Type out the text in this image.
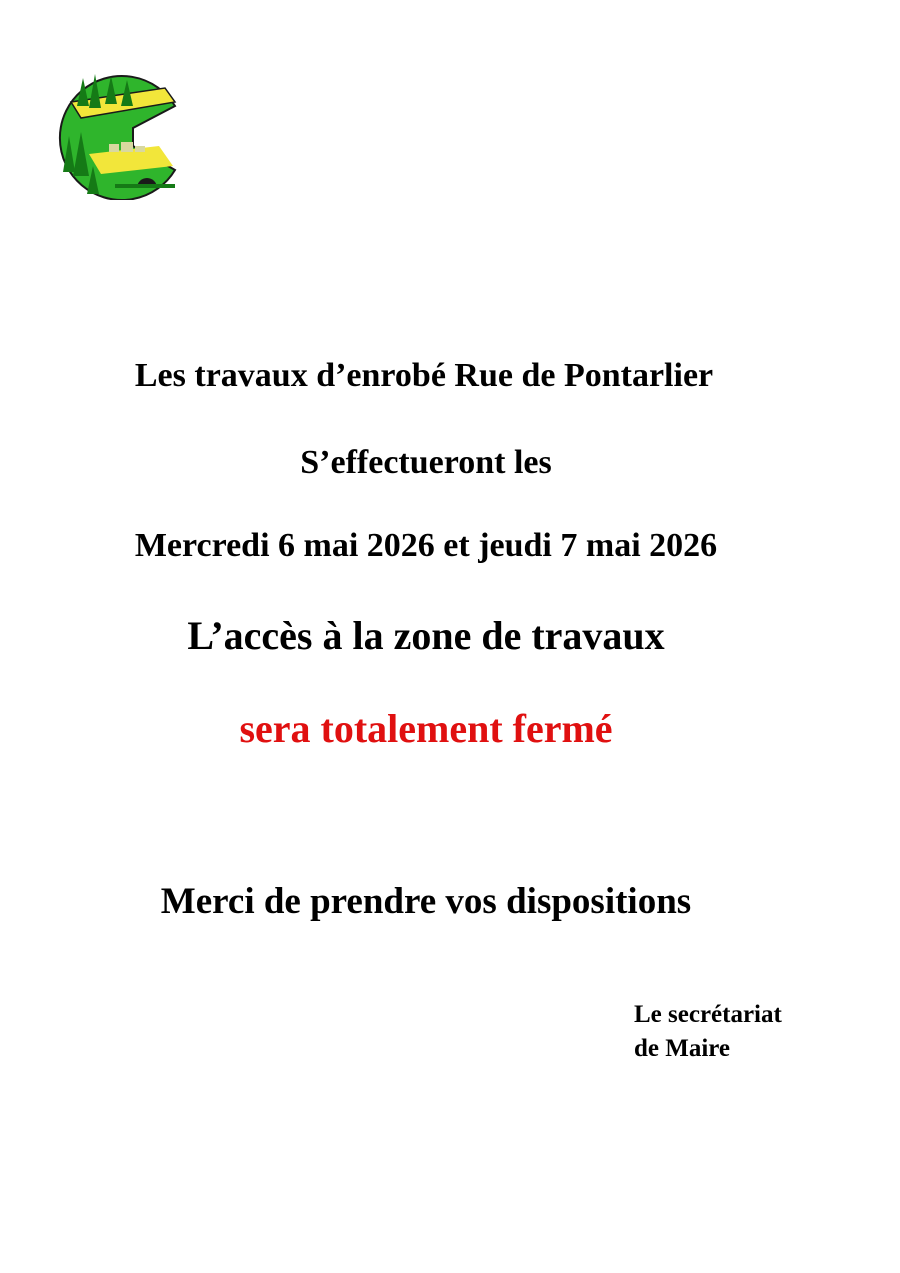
Les travaux d’enrobé Rue de Pontarlier
S’effectueront les
Mercredi 6 mai 2026 et jeudi 7 mai 2026
L’accès à la zone de travaux
sera totalement fermé
Merci de prendre vos dispositions
Le secrétariat
de Maire
